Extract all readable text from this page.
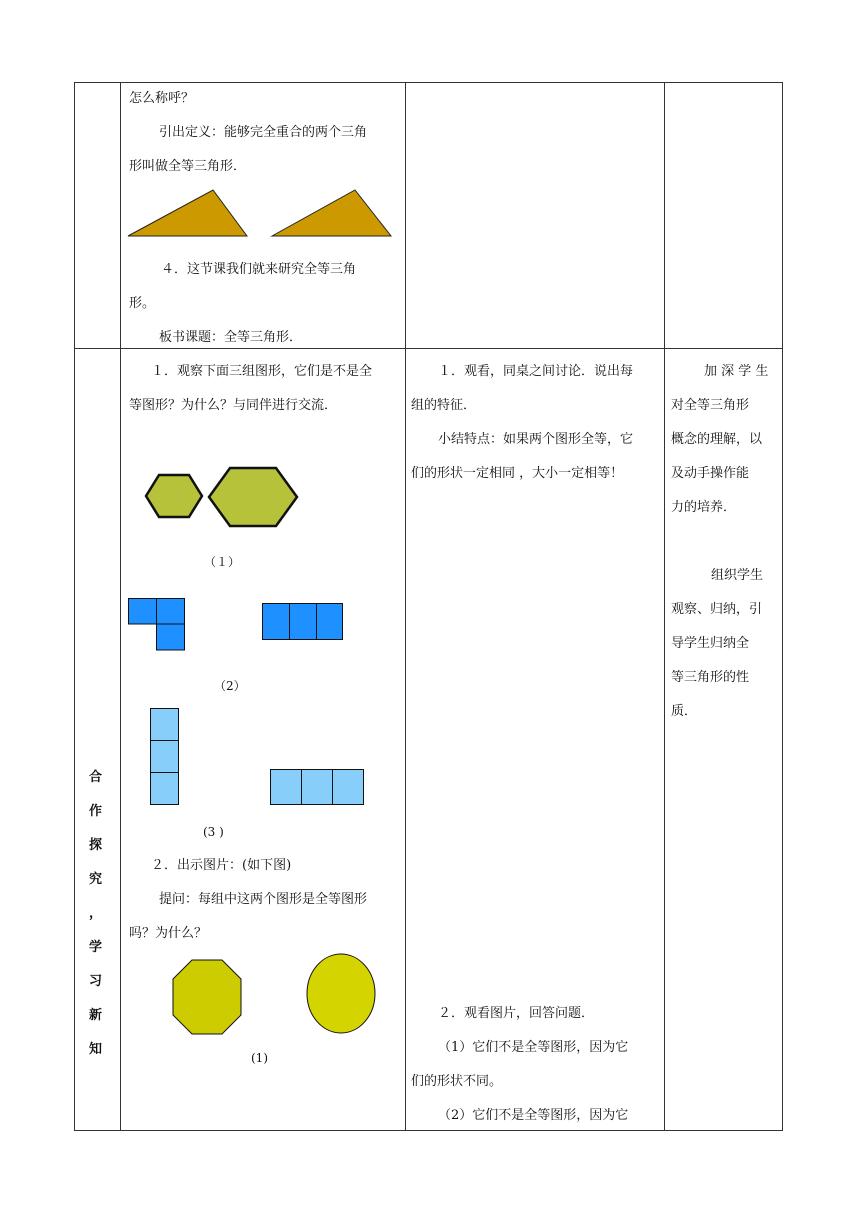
怎么称呼？
引出定义：能够完全重合的两个三角
形叫做全等三角形．
４．这节课我们就来研究全等三角
形。
板书课题：全等三角形．
合
作
探
究
，
学
习
新
知
１．观察下面三组图形，它们是不是全
等图形？为什么？与同伴进行交流．
（１）
（2）
(3 )
２．出示图片：(如下图)
提问：每组中这两个图形是全等图形
吗？为什么？
(1)
１．观看，同桌之间讨论．说出每
组的特征．
小结特点：如果两个图形全等，它
们的形状一定相同 ，大小一定相等！
２．观看图片，回答问题．
（1）它们不是全等图形，因为它
们的形状不同。
（2）它们不是全等图形，因为它
加 深 学 生
对全等三角形
概念的理解，以
及动手操作能
力的培养．
组织学生
观察、归纳，引
导学生归纳全
等三角形的性
质．
